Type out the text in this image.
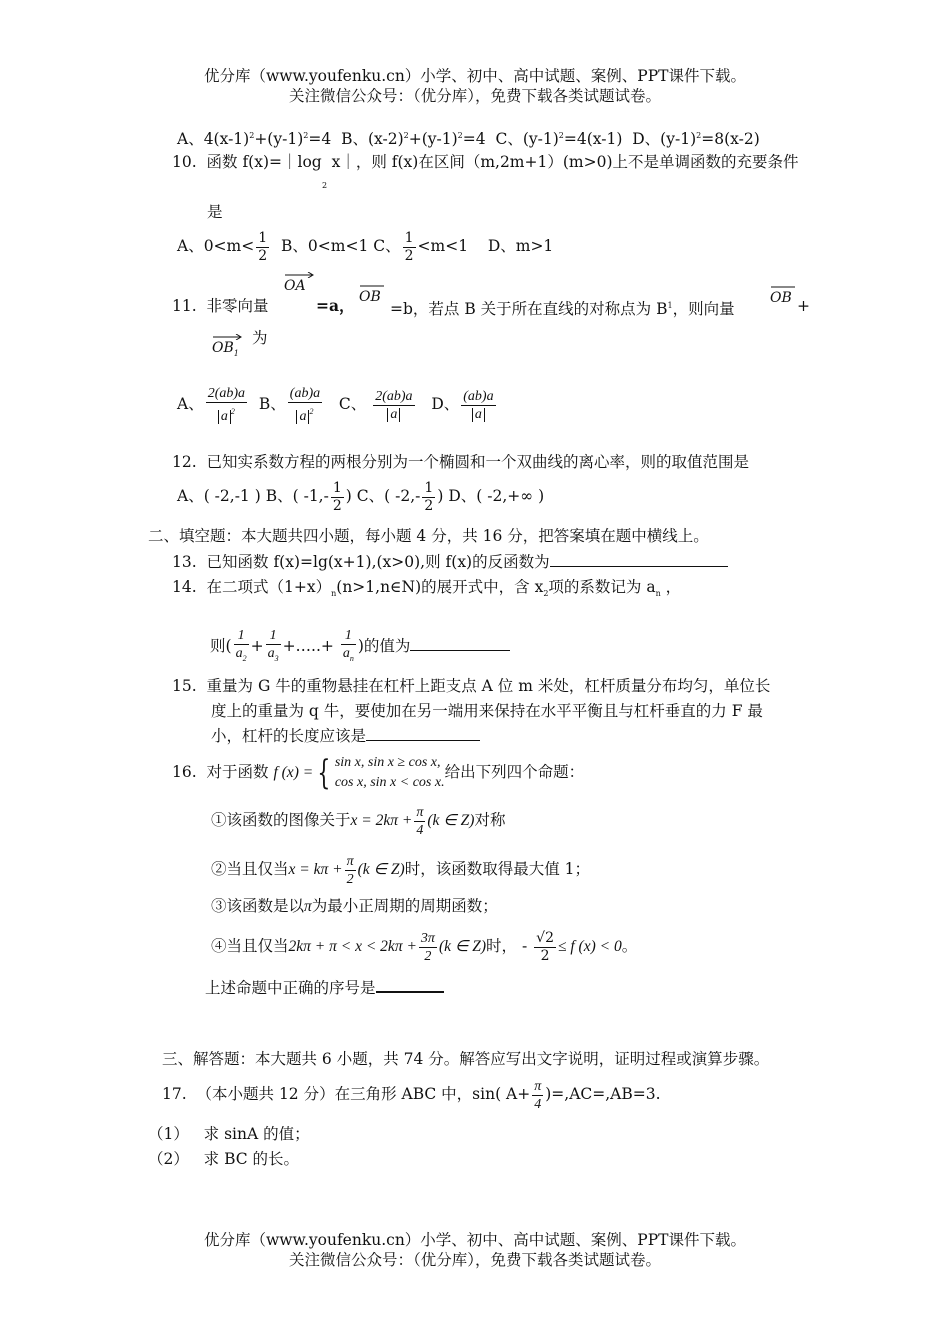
优分库（www.youfenku.cn）小学、初中、高中试题、案例、PPT课件下载。
关注微信公众号：（优分库），免费下载各类试题试卷。
A、$4(x-1)^2+(y-1)^2=4$ B、$(x-2)^2+(y-1)^2=4$ C、$(y-1)^2=4(x-1)$ D、$(y-1)^2=8(x-2)$
10. 函数 f(x)=｜log x｜，则 f(x)在区间（m,2m+1）(m>0)上不是单调函数的充要条件
2
是
A、$0<m< \frac{1}{2}$ B、0<m<1 C、 $\frac{1}{2} <m<1$ D、m>1
11. 非零向量
OA
=a， OB
=b，若点 B 关于所在直线的对称点为 $B^1$，则向量
OB +
$OB_1$
为
A、 $\frac{2(ab)a}{a ^2}$ B、 $\frac{(ab)a}{a ^2}$ C、 $\frac{2(ab)a}{a}$ D、 $\frac{(ab)a}{a}$
12. 已知实系数方程的两根分别为一个椭圆和一个双曲线的离心率，则的取值范围是
A、( -2,-1 ) B、( $-1,- \frac{1}{2}$ ) C、( $-2,- \frac{1}{2}$ ) D、( -2,+∞ )
二、填空题：本大题共四小题，每小题 4 分，共 16 分，把答案填在题中横线上。
13. 已知函数 f(x)=lg(x+1),(x>0),则 f(x)的反函数为
14. 在二项式$(1+x)_n(n>1,n\in N)$的展开式中，含 $x_2$项的系数记为 $a_n$ ，
则( $\frac{1}{a_2} + \frac{1}{a_3}$ +…..+ $\frac{1}{a_n}$ )的值为
15. 重量为 G 牛的重物悬挂在杠杆上距支点 A 位 m 米处，杠杆质量分布均匀，单位长
度上的重量为 q 牛，要使加在另一端用来保持在水平平衡且与杠杆垂直的力 F 最
小，杠杆的长度应该是
16. 对于函数 f (x) = { sin x, sin x ≥ cos x,
cos x, sin x < cos x.
给出下列四个命题：
①该函数的图像关于$x = 2k\pi + \frac{\pi}{4} (k$ ∈ Z)对称
②当且仅当$x = k\pi + \frac{\pi}{2} (k$ ∈ Z)时，该函数取得最大值 1；
③该函数是以π为最小正周期的周期函数；
④当且仅当$2k\pi + \pi < x < 2k\pi + \frac{3\pi}{2} (k$ ∈ Z)时， - $\frac{√2}{2} \le f$ (x) < 0。
上述命题中正确的序号是
三、解答题：本大题共 6 小题，共 74 分。解答应写出文字说明，证明过程或演算步骤。
17. （本小题共 12 分）在三角形 ABC 中，sin( $A+ \frac{\pi}{4} )=,AC=,AB=3$.
（1） 求 sinA 的值；
（2） 求 BC 的长。
优分库（www.youfenku.cn）小学、初中、高中试题、案例、PPT课件下载。
关注微信公众号：（优分库），免费下载各类试题试卷。
